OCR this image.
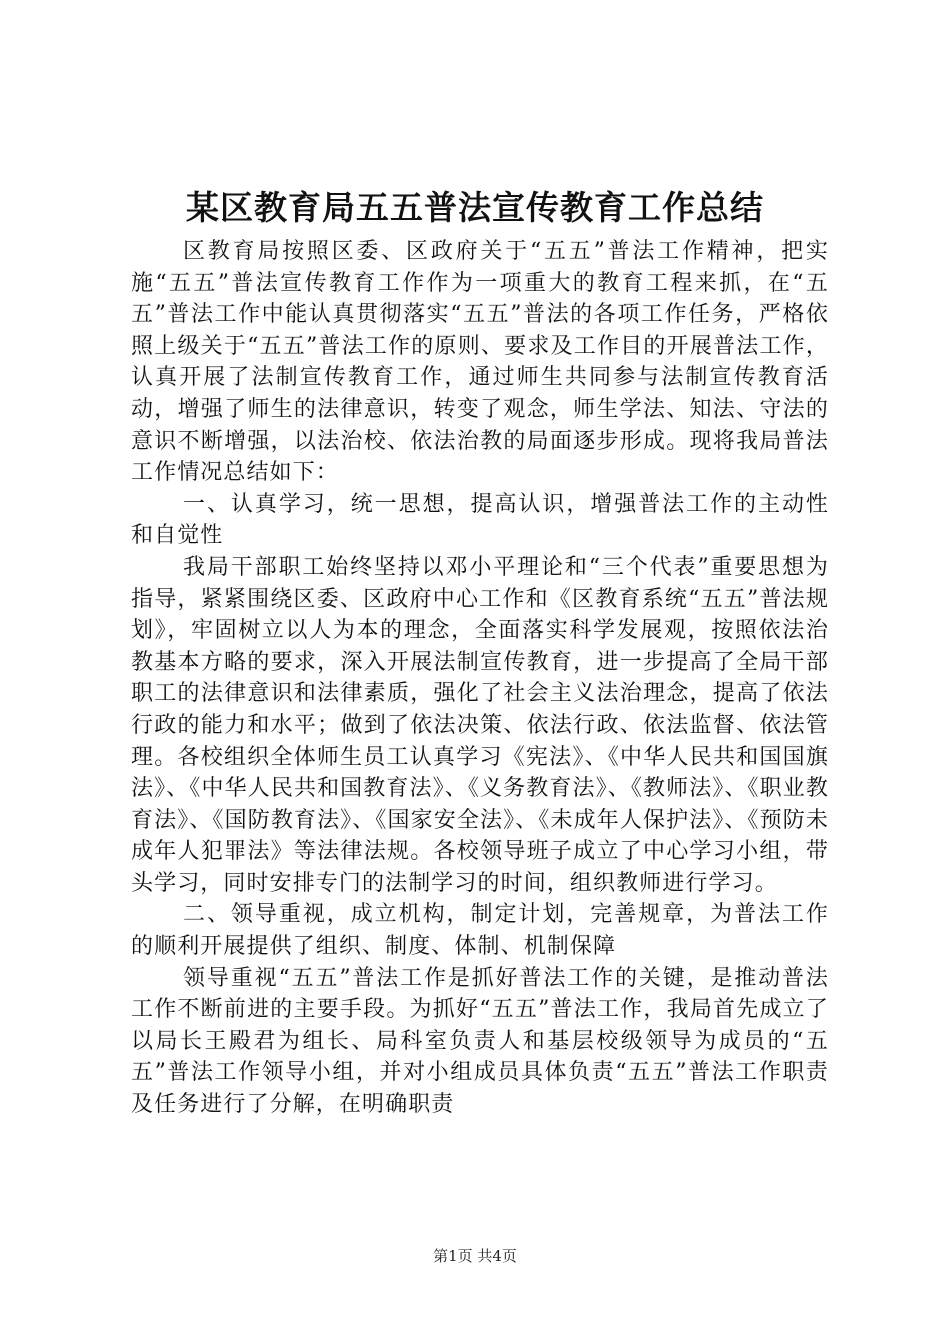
某区教育局五五普法宣传教育工作总结

区教育局按照区委、区政府关于“五五”普法工作精神，把实施“五五”普法宣传教育工作作为一项重大的教育工程来抓，在“五五”普法工作中能认真贯彻落实“五五”普法的各项工作任务，严格依照上级关于“五五”普法工作的原则、要求及工作目的开展普法工作，认真开展了法制宣传教育工作，通过师生共同参与法制宣传教育活动，增强了师生的法律意识，转变了观念，师生学法、知法、守法的意识不断增强，以法治校、依法治教的局面逐步形成。现将我局普法工作情况总结如下：

一、认真学习，统一思想，提高认识，增强普法工作的主动性和自觉性

我局干部职工始终坚持以邓小平理论和“三个代表”重要思想为指导，紧紧围绕区委、区政府中心工作和《区教育系统“五五”普法规划》，牢固树立以人为本的理念，全面落实科学发展观，按照依法治教基本方略的要求，深入开展法制宣传教育，进一步提高了全局干部职工的法律意识和法律素质，强化了社会主义法治理念，提高了依法行政的能力和水平；做到了依法决策、依法行政、依法监督、依法管理。各校组织全体师生员工认真学习《宪法》、《中华人民共和国国旗法》、《中华人民共和国教育法》、《义务教育法》、《教师法》、《职业教育法》、《国防教育法》、《国家安全法》、《未成年人保护法》、《预防未成年人犯罪法》等法律法规。各校领导班子成立了中心学习小组，带头学习，同时安排专门的法制学习的时间，组织教师进行学习。

二、领导重视，成立机构，制定计划，完善规章，为普法工作的顺利开展提供了组织、制度、体制、机制保障

领导重视“五五”普法工作是抓好普法工作的关键，是推动普法工作不断前进的主要手段。为抓好“五五”普法工作，我局首先成立了以局长王殿君为组长、局科室负责人和基层校级领导为成员的“五五”普法工作领导小组，并对小组成员具体负责“五五”普法工作职责及任务进行了分解，在明确职责

第1页 共4页
